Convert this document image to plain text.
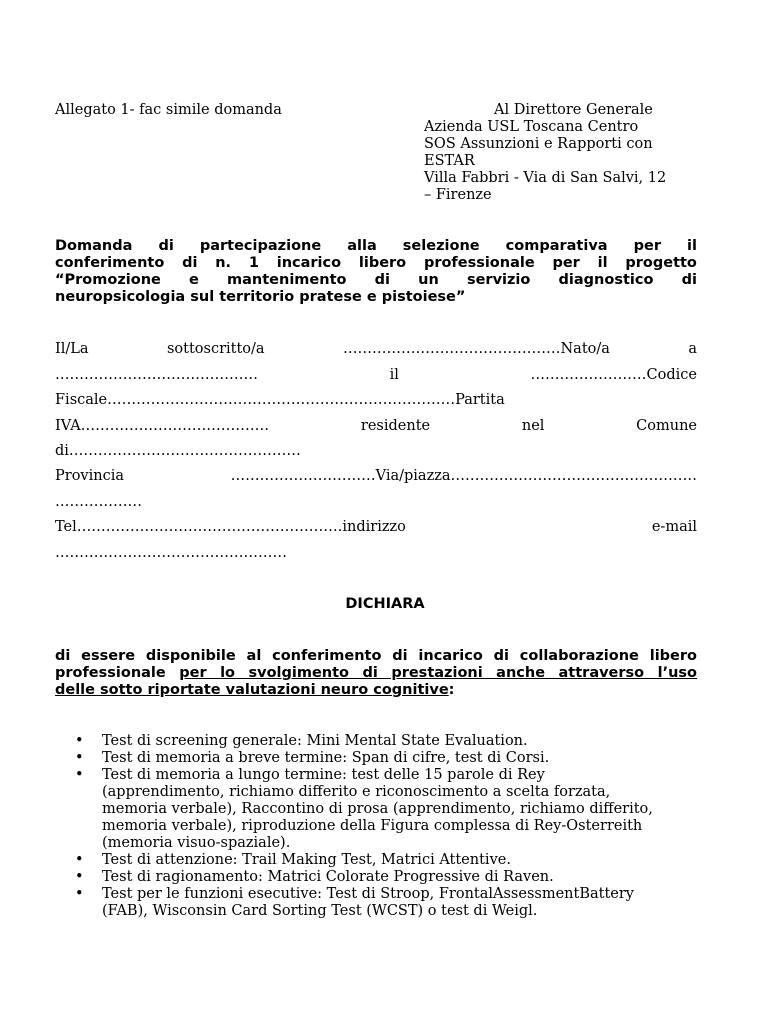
Allegato 1- fac simile domanda	Al Direttore Generale
Azienda USL Toscana Centro
SOS Assunzioni e Rapporti con
ESTAR
Villa Fabbri - Via di San Salvi, 12
– Firenze
Domanda di partecipazione alla selezione comparativa per il
conferimento di n. 1 incarico libero professionale per il progetto
“Promozione e mantenimento di un servizio diagnostico di
neuropsicologia sul territorio pratese e pistoiese”
Il/La	sottoscritto/a	………………………………………Nato/a	a
……………………………………	il	……………………Codice
Fiscale………………………………………………………………Partita
IVA…………………………………	residente	nel	Comune
di…………………………………………
Provincia	…………………………Via/piazza……………………………………………
………………
Tel……………………………………………….indirizzo	e-mail
…………………………………………
DICHIARA
di essere disponibile al conferimento di incarico di collaborazione libero
professionale per lo svolgimento di prestazioni anche attraverso l’uso
delle sotto riportate valutazioni neuro cognitive:
• Test di screening generale: Mini Mental State Evaluation.
• Test di memoria a breve termine: Span di cifre, test di Corsi.
• Test di memoria a lungo termine: test delle 15 parole di Rey
(apprendimento, richiamo differito e riconoscimento a scelta forzata,
memoria verbale), Raccontino di prosa (apprendimento, richiamo differito,
memoria verbale), riproduzione della Figura complessa di Rey-Osterreith
(memoria visuo-spaziale).
• Test di attenzione: Trail Making Test, Matrici Attentive.
• Test di ragionamento: Matrici Colorate Progressive di Raven.
• Test per le funzioni esecutive: Test di Stroop, FrontalAssessmentBattery
(FAB), Wisconsin Card Sorting Test (WCST) o test di Weigl.
